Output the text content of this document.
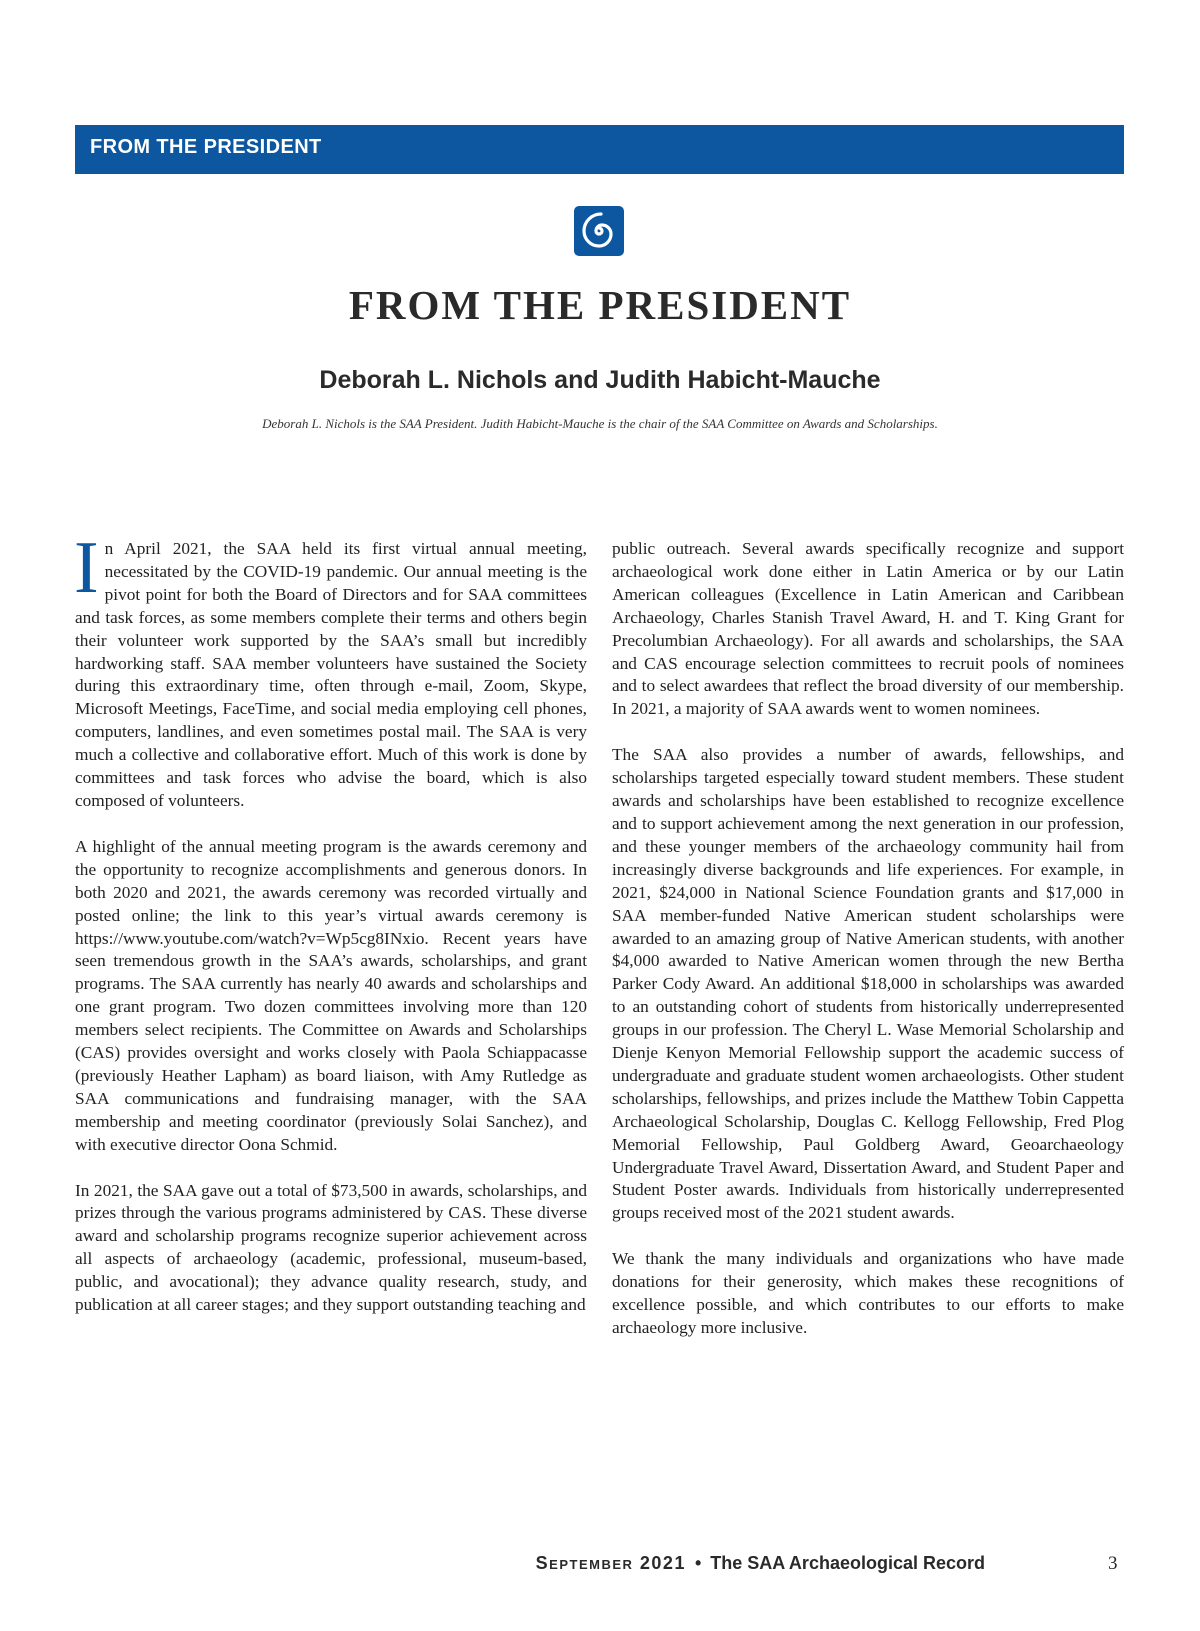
FROM THE PRESIDENT
FROM THE PRESIDENT
Deborah L. Nichols and Judith Habicht-Mauche
Deborah L. Nichols is the SAA President. Judith Habicht-Mauche is the chair of the SAA Committee on Awards and Scholarships.

In April 2021, the SAA held its first virtual annual meeting, necessitated by the COVID-19 pandemic. Our annual meeting is the pivot point for both the Board of Directors and for SAA committees and task forces, as some members complete their terms and others begin their volunteer work supported by the SAA’s small but incredibly hardworking staff. SAA member volunteers have sustained the Society during this extraordinary time, often through e-mail, Zoom, Skype, Microsoft Meetings, FaceTime, and social media employing cell phones, computers, landlines, and even sometimes postal mail. The SAA is very much a collective and collaborative effort. Much of this work is done by committees and task forces who advise the board, which is also composed of volunteers.

A highlight of the annual meeting program is the awards ceremony and the opportunity to recognize accomplishments and generous donors. In both 2020 and 2021, the awards ceremony was recorded virtually and posted online; the link to this year’s virtual awards ceremony is https://www.youtube.com/watch?v=Wp5cg8INxio. Recent years have seen tremendous growth in the SAA’s awards, scholarships, and grant programs. The SAA currently has nearly 40 awards and scholarships and one grant program. Two dozen committees involving more than 120 members select recipients. The Committee on Awards and Scholarships (CAS) provides oversight and works closely with Paola Schiappacasse (previously Heather Lapham) as board liaison, with Amy Rutledge as SAA communications and fundraising manager, with the SAA membership and meeting coordinator (previously Solai Sanchez), and with executive director Oona Schmid.

In 2021, the SAA gave out a total of $73,500 in awards, scholarships, and prizes through the various programs administered by CAS. These diverse award and scholarship programs recognize superior achievement across all aspects of archaeology (academic, professional, museum-based, public, and avocational); they advance quality research, study, and publication at all career stages; and they support outstanding teaching and

public outreach. Several awards specifically recognize and support archaeological work done either in Latin America or by our Latin American colleagues (Excellence in Latin American and Caribbean Archaeology, Charles Stanish Travel Award, H. and T. King Grant for Precolumbian Archaeology). For all awards and scholarships, the SAA and CAS encourage selection committees to recruit pools of nominees and to select awardees that reflect the broad diversity of our membership. In 2021, a majority of SAA awards went to women nominees.

The SAA also provides a number of awards, fellowships, and scholarships targeted especially toward student members. These student awards and scholarships have been established to recognize excellence and to support achievement among the next generation in our profession, and these younger members of the archaeology community hail from increasingly diverse backgrounds and life experiences. For example, in 2021, $24,000 in National Science Foundation grants and $17,000 in SAA member-funded Native American student scholarships were awarded to an amazing group of Native American students, with another $4,000 awarded to Native American women through the new Bertha Parker Cody Award. An additional $18,000 in scholarships was awarded to an outstanding cohort of students from historically underrepresented groups in our profession. The Cheryl L. Wase Memorial Scholarship and Dienje Kenyon Memorial Fellowship support the academic success of undergraduate and graduate student women archaeologists. Other student scholarships, fellowships, and prizes include the Matthew Tobin Cappetta Archaeological Scholarship, Douglas C. Kellogg Fellowship, Fred Plog Memorial Fellowship, Paul Goldberg Award, Geoarchaeology Undergraduate Travel Award, Dissertation Award, and Student Paper and Student Poster awards. Individuals from historically underrepresented groups received most of the 2021 student awards.

We thank the many individuals and organizations who have made donations for their generosity, which makes these recognitions of excellence possible, and which contributes to our efforts to make archaeology more inclusive.

September 2021 • The SAA Archaeological Record	3
